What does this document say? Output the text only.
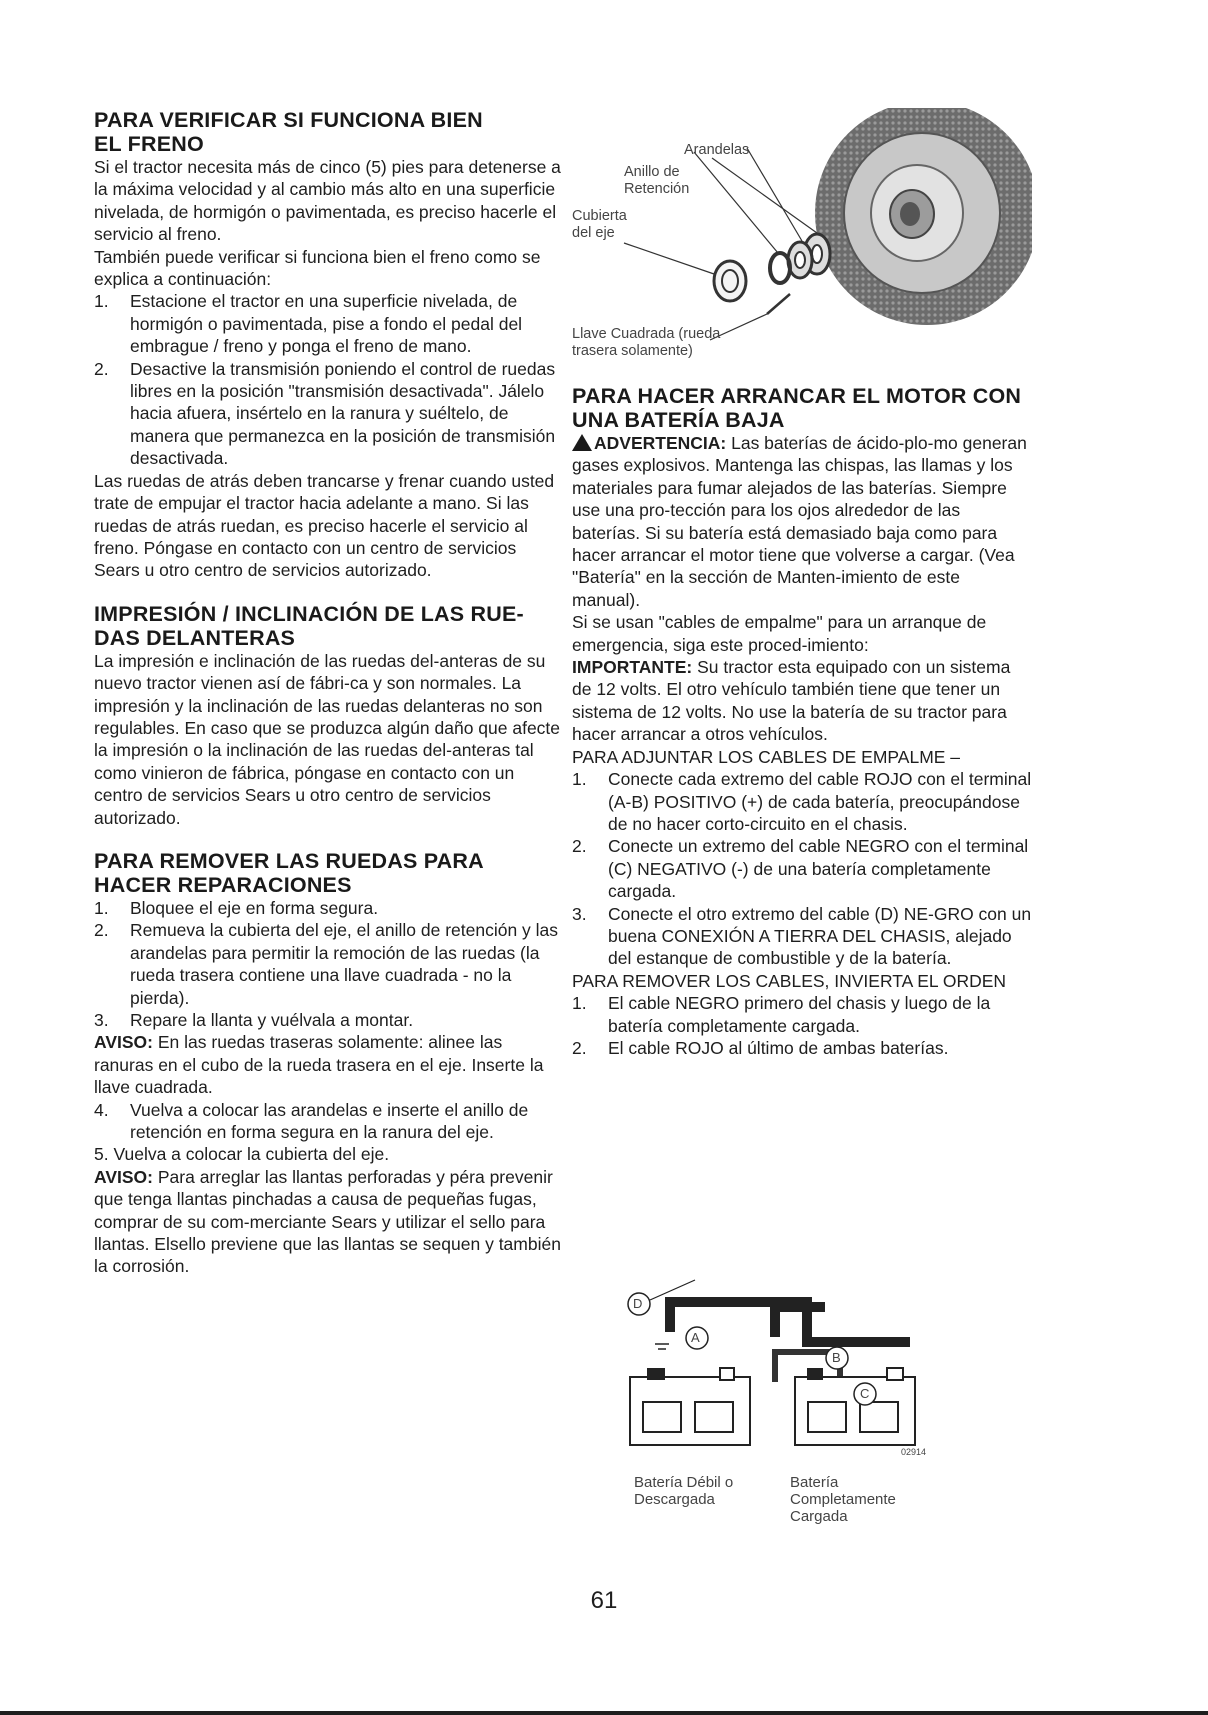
PARA VERIFICAR SI FUNCIONA BIEN
EL FRENO

Si el tractor necesita más de cinco (5) pies para detenerse a la máxima velocidad y al cambio más alto en una superficie nivelada, de hormigón o pavimentada, es preciso hacerle el servicio al freno.

También puede verificar si funciona bien el freno como se explica a continuación:

1.	Estacione el tractor en una superficie nivelada, de hormigón o pavimentada, pise a fondo el pedal del embrague / freno y ponga el freno de mano.
2.	Desactive la transmisión poniendo el control de ruedas libres en la posición "transmisión desactivada". Jálelo hacia afuera, insértelo en la ranura y suéltelo, de manera que permanezca en la posición de transmisión desactivada.

Las ruedas de atrás deben trancarse y frenar cuando usted trate de empujar el tractor hacia adelante a mano. Si las ruedas de atrás ruedan, es preciso hacerle el servicio al freno. Póngase en contacto con un centro de servicios Sears u otro centro de servicios autorizado.

IMPRESIÓN / INCLINACIÓN DE LAS RUE-DAS DELANTERAS

La impresión e inclinación de las ruedas del-anteras de su nuevo tractor vienen así de fábri-ca y son normales. La impresión y la inclinación de las ruedas delanteras no son regulables. En caso que se produzca algún daño que afecte la impresión o la inclinación de las ruedas del-anteras tal como vinieron de fábrica, póngase en contacto con un centro de servicios Sears u otro centro de servicios autorizado.

PARA REMOVER LAS RUEDAS PARA HACER REPARACIONES
1.	Bloquee el eje en forma segura.
2.	Remueva la cubierta del eje, el anillo de retención y las arandelas para permitir la remoción de las ruedas (la rueda trasera contiene una llave cuadrada - no la pierda).
3.	Repare la llanta y vuélvala a montar.

AVISO: En las ruedas traseras solamente: alinee las ranuras en el cubo de la rueda trasera en el eje. Inserte la llave cuadrada.

4.	Vuelva a colocar las arandelas e inserte el anillo de retención en forma segura en la ranura del eje.

5. Vuelva a colocar la cubierta del eje.

AVISO: Para arreglar las llantas perforadas y péra prevenir que tenga llantas pinchadas a causa de pequeñas fugas, comprar de su com-merciante Sears y utilizar el sello para llantas. Elsello previene que las llantas se sequen y también la corrosión.

Arandelas
Anillo de
Retención
Cubierta
del eje
Llave Cuadrada (rueda
trasera solamente)
PARA HACER ARRANCAR EL MOTOR CON
UNA BATERÍA BAJA

ADVERTENCIA: Las baterías de ácido-plo-mo generan gases explosivos. Mantenga las chispas, las llamas y los materiales para fumar alejados de las baterías. Siempre use una pro-tección para los ojos alrededor de las baterías. Si su batería está demasiado baja como para hacer arrancar el motor tiene que volverse a cargar. (Vea "Batería" en la sección de Manten-imiento de este manual).

Si se usan "cables de empalme" para un arranque de emergencia, siga este proced-imiento:

IMPORTANTE: Su tractor esta equipado con un sistema de 12 volts. El otro vehículo también tiene que tener un sistema de 12 volts. No use la batería de su tractor para hacer arrancar a otros vehículos.

PARA ADJUNTAR LOS CABLES DE EMPALME –

1.	Conecte cada extremo del cable ROJO con el terminal (A-B) POSITIVO (+) de cada batería, preocupándose de no hacer corto-circuito en el chasis.
2.	Conecte un extremo del cable NEGRO con el terminal (C) NEGATIVO (-) de una batería completamente cargada.
3.	Conecte el otro extremo del cable (D) NE-GRO con un buena CONEXIÓN A TIERRA DEL CHASIS, alejado del estanque de combustible y de la batería.

PARA REMOVER LOS CABLES, INVIERTA EL ORDEN

1.	El cable NEGRO primero del chasis y luego de la batería completamente cargada.
2.	El cable ROJO al último de ambas baterías.
D
A
B
C
02914
Batería Débil o
Descargada
Batería
Completamente
Cargada
61
